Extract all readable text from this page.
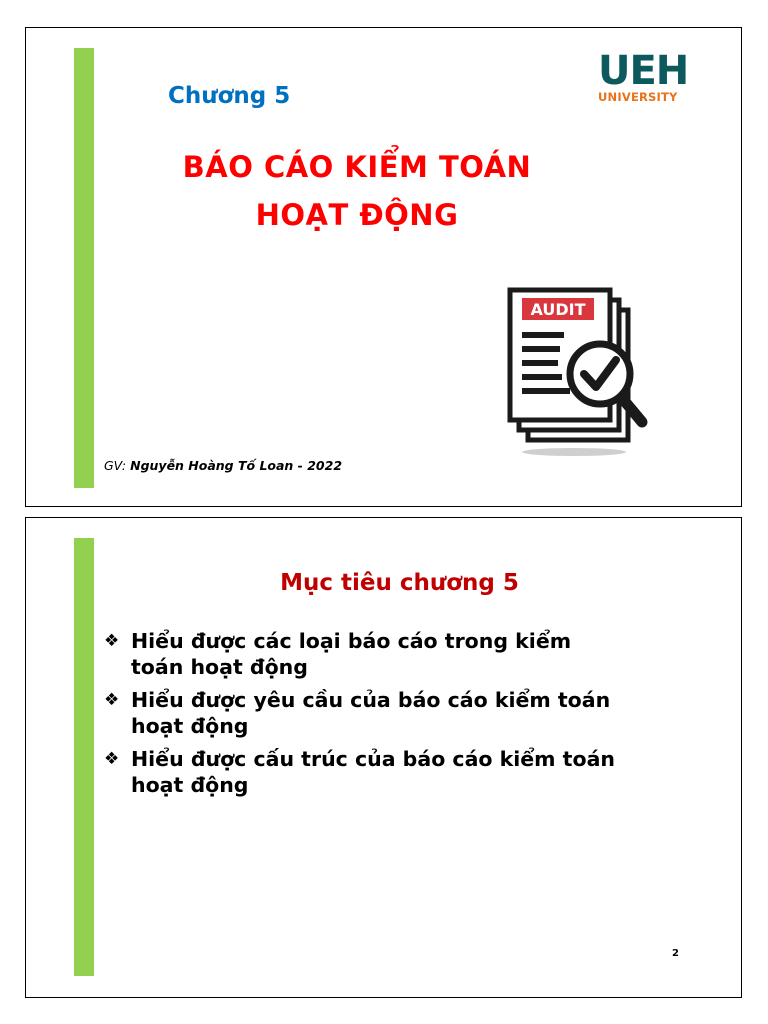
Chương 5
BÁO CÁO KIỂM TOÁN
HOẠT ĐỘNG
UEH
UNIVERSITY
AUDIT
GV: Nguyễn Hoàng Tố Loan - 2022
Mục tiêu chương 5
❖ Hiểu được các loại báo cáo trong kiểm
toán hoạt động
❖ Hiểu được yêu cầu của báo cáo kiểm toán
hoạt động
❖ Hiểu được cấu trúc của báo cáo kiểm toán
hoạt động
2
